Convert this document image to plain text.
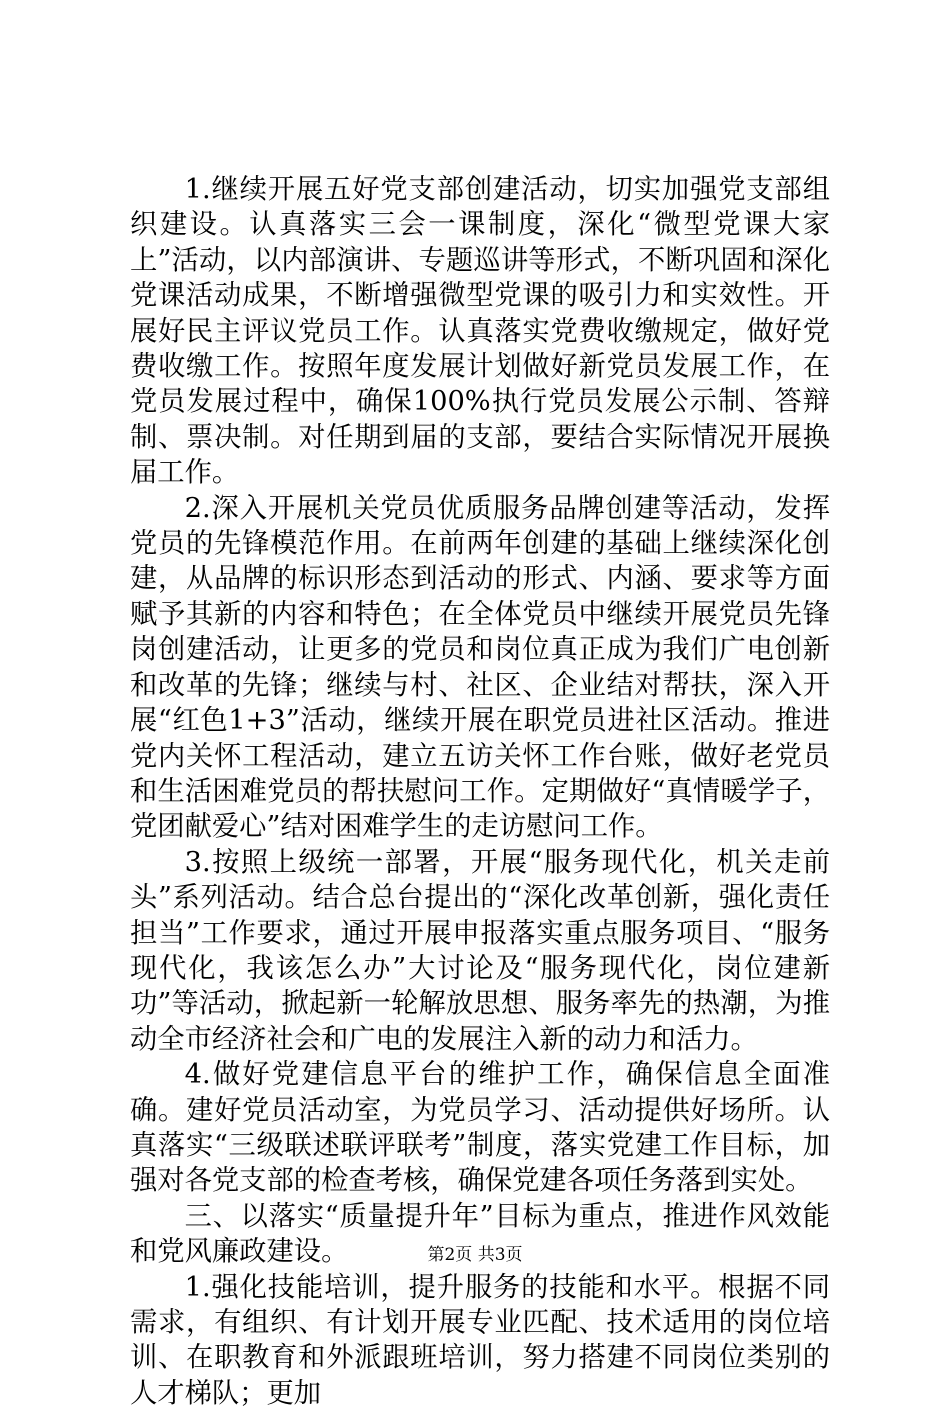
1.继续开展五好党支部创建活动，切实加强党支部组织建设。认真落实三会一课制度，深化“微型党课大家上”活动，以内部演讲、专题巡讲等形式，不断巩固和深化党课活动成果，不断增强微型党课的吸引力和实效性。开展好民主评议党员工作。认真落实党费收缴规定，做好党费收缴工作。按照年度发展计划做好新党员发展工作，在党员发展过程中，确保100%执行党员发展公示制、答辩制、票决制。对任期到届的支部，要结合实际情况开展换届工作。

2.深入开展机关党员优质服务品牌创建等活动，发挥党员的先锋模范作用。在前两年创建的基础上继续深化创建，从品牌的标识形态到活动的形式、内涵、要求等方面赋予其新的内容和特色；在全体党员中继续开展党员先锋岗创建活动，让更多的党员和岗位真正成为我们广电创新和改革的先锋；继续与村、社区、企业结对帮扶，深入开展“红色1+3”活动，继续开展在职党员进社区活动。推进党内关怀工程活动，建立五访关怀工作台账，做好老党员和生活困难党员的帮扶慰问工作。定期做好“真情暖学子，党团献爱心”结对困难学生的走访慰问工作。

3.按照上级统一部署，开展“服务现代化，机关走前头”系列活动。结合总台提出的“深化改革创新，强化责任担当”工作要求，通过开展申报落实重点服务项目、“服务现代化，我该怎么办”大讨论及“服务现代化，岗位建新功”等活动，掀起新一轮解放思想、服务率先的热潮，为推动全市经济社会和广电的发展注入新的动力和活力。

4.做好党建信息平台的维护工作，确保信息全面准确。建好党员活动室，为党员学习、活动提供好场所。认真落实“三级联述联评联考”制度，落实党建工作目标，加强对各党支部的检查考核，确保党建各项任务落到实处。

三、以落实“质量提升年”目标为重点，推进作风效能和党风廉政建设。

1.强化技能培训，提升服务的技能和水平。根据不同需求，有组织、有计划开展专业匹配、技术适用的岗位培训、在职教育和外派跟班培训，努力搭建不同岗位类别的人才梯队；更加

第2页 共3页
